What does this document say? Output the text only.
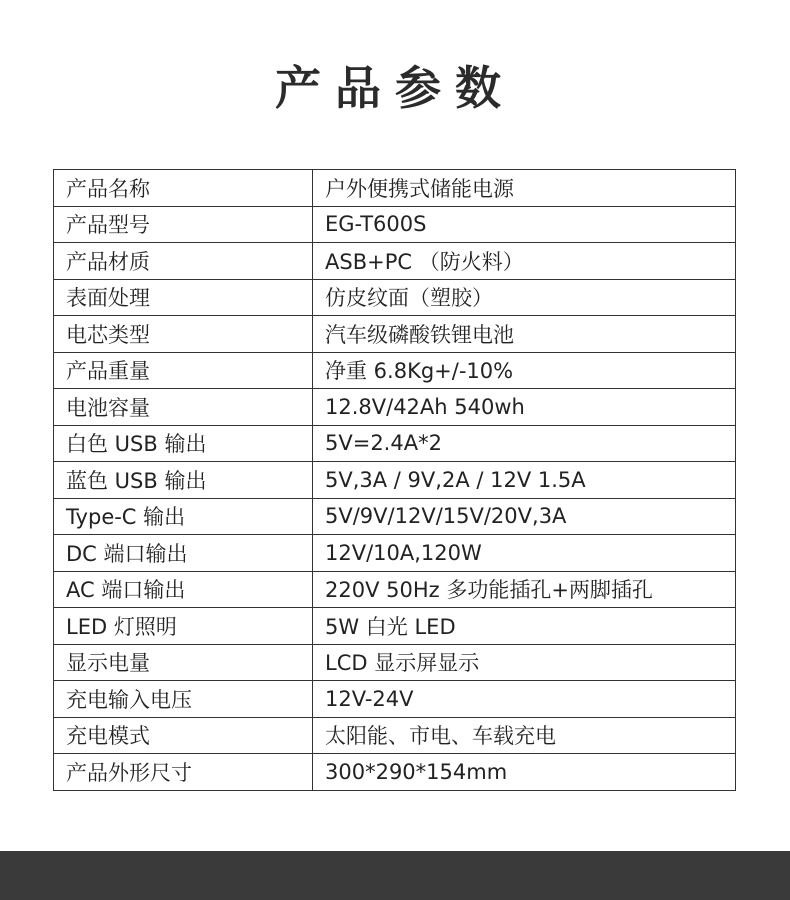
产品参数
产品名称	户外便携式储能电源
产品型号	EG-T600S
产品材质	ASB+PC （防火料）
表面处理	仿皮纹面（塑胶）
电芯类型	汽车级磷酸铁锂电池
产品重量	净重 6.8Kg+/-10%
电池容量	12.8V/42Ah 540wh
白色 USB 输出	5V=2.4A*2
蓝色 USB 输出	5V,3A / 9V,2A / 12V 1.5A
Type-C 输出	5V/9V/12V/15V/20V,3A
DC 端口输出	12V/10A,120W
AC 端口输出	220V 50Hz 多功能插孔+两脚插孔
LED 灯照明	5W 白光 LED
显示电量	LCD 显示屏显示
充电输入电压	12V-24V
充电模式	太阳能、市电、车载充电
产品外形尺寸	300*290*154mm
